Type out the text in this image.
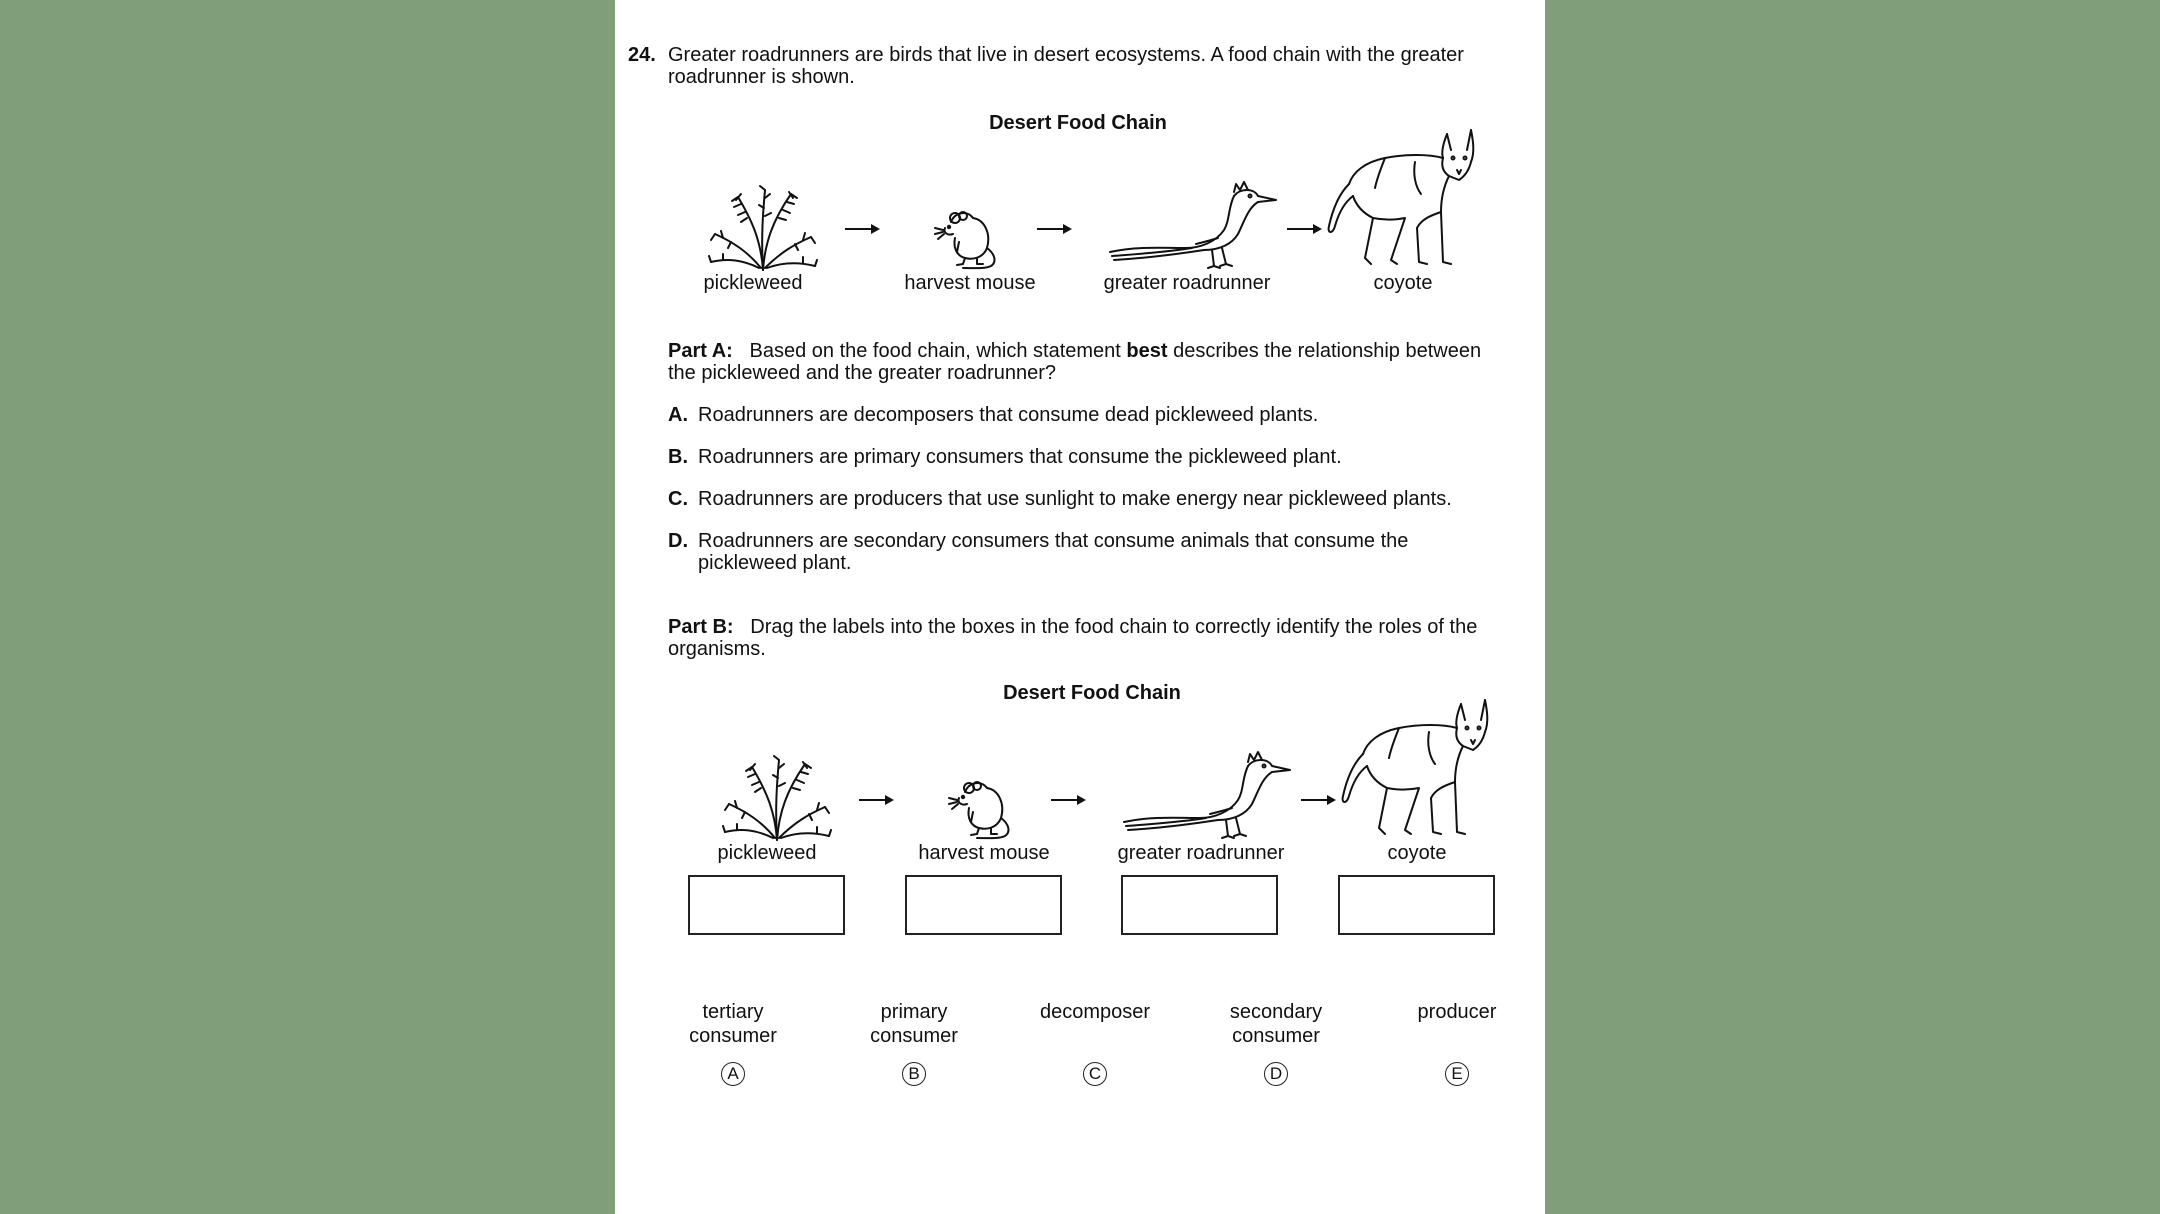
24. Greater roadrunners are birds that live in desert ecosystems. A food chain with the greater roadrunner is shown.
Desert Food Chain
pickleweed	harvest mouse	greater roadrunner	coyote
Part A: Based on the food chain, which statement best describes the relationship between the pickleweed and the greater roadrunner?
A. Roadrunners are decomposers that consume dead pickleweed plants.
B. Roadrunners are primary consumers that consume the pickleweed plant.
C. Roadrunners are producers that use sunlight to make energy near pickleweed plants.
D. Roadrunners are secondary consumers that consume animals that consume the pickleweed plant.
Part B: Drag the labels into the boxes in the food chain to correctly identify the roles of the organisms.
Desert Food Chain
pickleweed	harvest mouse	greater roadrunner	coyote
tertiary
consumer
primary
consumer
decomposer	secondary
consumer
producer
A	B	C	D	E
